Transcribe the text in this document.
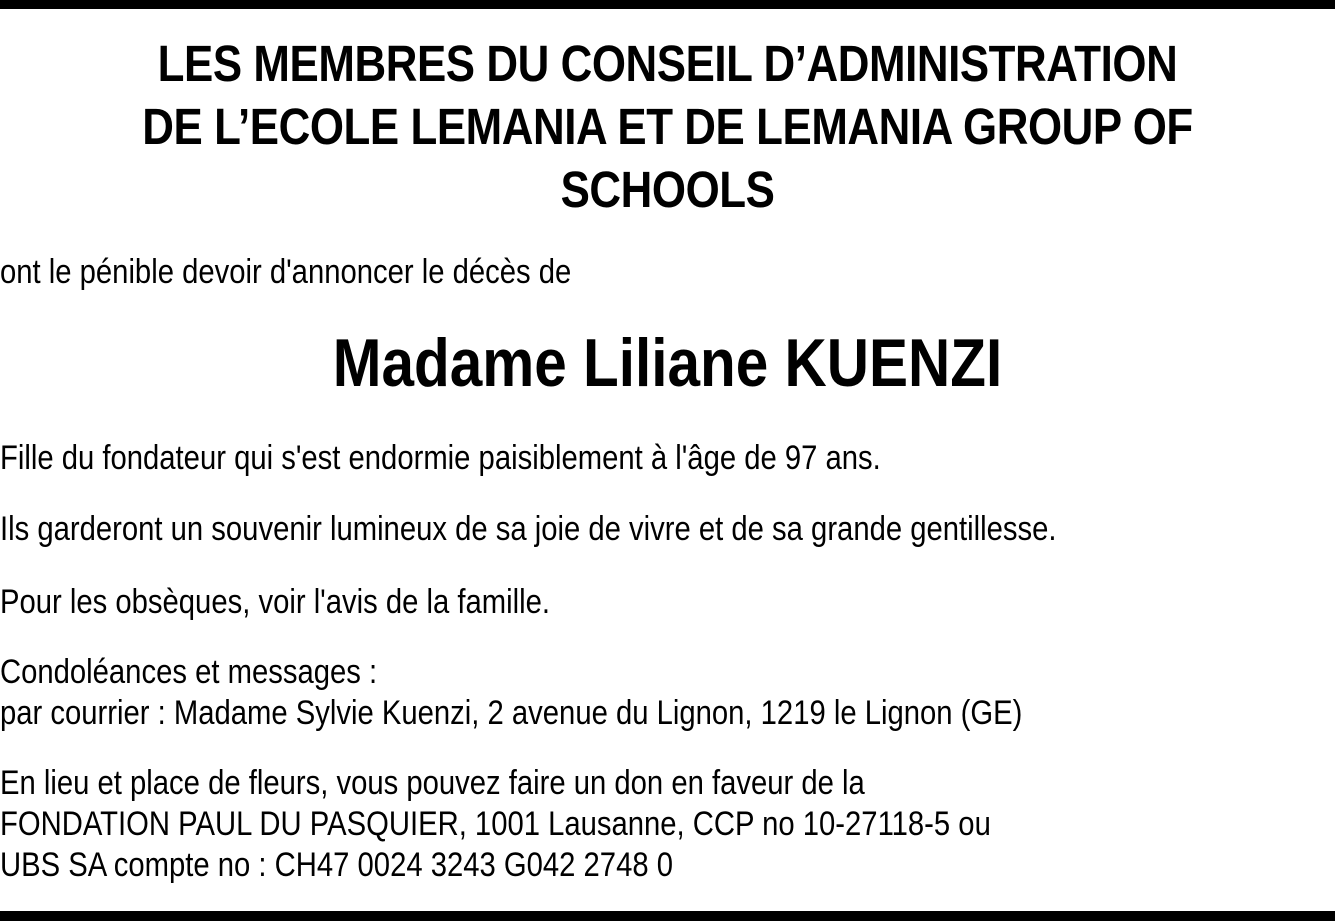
LES MEMBRES DU CONSEIL D’ADMINISTRATION
DE L’ECOLE LEMANIA ET DE LEMANIA GROUP OF
SCHOOLS
ont le pénible devoir d'annoncer le décès de
Madame Liliane KUENZI
Fille du fondateur qui s'est endormie paisiblement à l'âge de 97 ans.
Ils garderont un souvenir lumineux de sa joie de vivre et de sa grande gentillesse.
Pour les obsèques, voir l'avis de la famille.
Condoléances et messages :
par courrier : Madame Sylvie Kuenzi, 2 avenue du Lignon, 1219 le Lignon (GE)
En lieu et place de fleurs, vous pouvez faire un don en faveur de la
FONDATION PAUL DU PASQUIER, 1001 Lausanne, CCP no 10-27118-5 ou
UBS SA compte no : CH47 0024 3243 G042 2748 0
